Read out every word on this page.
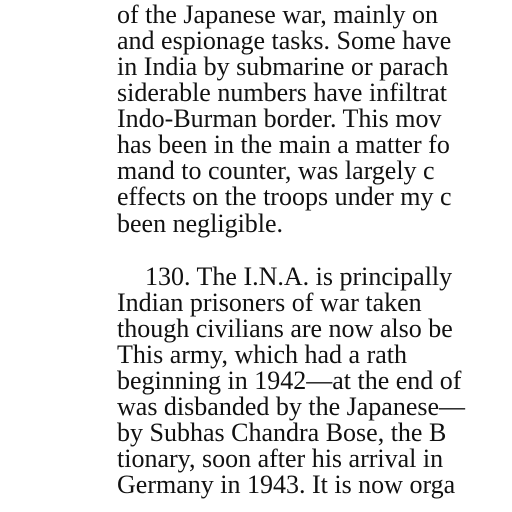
of the Japanese war, mainly on
and espionage tasks. Some have
in India by submarine or parach
siderable numbers have infiltrat
Indo-Burman border. This mov
has been in the main a matter fo
mand to counter, was largely c
effects on the troops under my c
been negligible.
130. The I.N.A. is principally
Indian prisoners of war taken
though civilians are now also be
This army, which had a rath
beginning in 1942—at the end of
was disbanded by the Japanese—
by Subhas Chandra Bose, the B
tionary, soon after his arrival in
Germany in 1943. It is now orga
